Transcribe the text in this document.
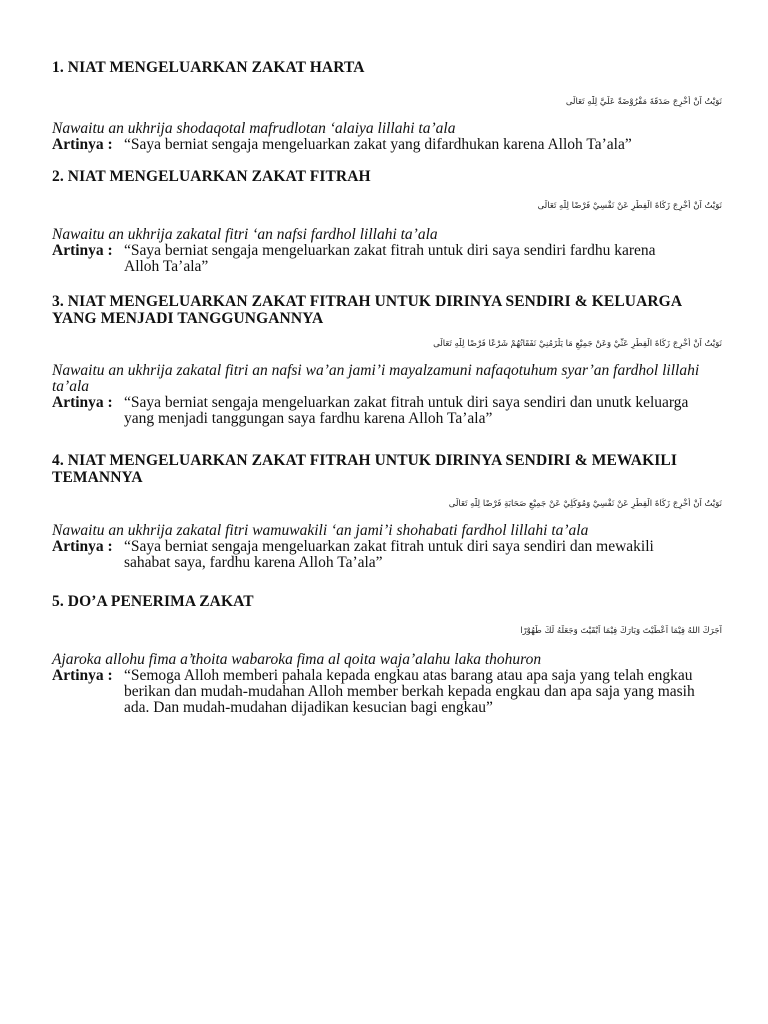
1. NIAT MENGELUARKAN ZAKAT HARTA

نَوَيْتُ اَنْ أُخْرِجَ صَدَقَةَ مَفْرُوْضَةً عَلَيَّ لِلّٰهِ تَعَالَى

Nawaitu an ukhrija shodaqotal mafrudlotan ‘alaiya lillahi ta’ala

Artinya : “Saya berniat sengaja mengeluarkan zakat yang difardhukan karena Alloh Ta’ala”

2. NIAT MENGELUARKAN ZAKAT FITRAH

نَوَيْتُ اَنْ أُخْرِجَ زَكَاةَ الْفِطْرِ عَنْ نَفْسِيْ فَرْضًا لِلّٰهِ تَعَالَى

Nawaitu an ukhrija zakatal fitri ‘an nafsi fardhol lillahi ta’ala

Artinya : “Saya berniat sengaja mengeluarkan zakat fitrah untuk diri saya sendiri fardhu karena Alloh Ta’ala”

3. NIAT MENGELUARKAN ZAKAT FITRAH UNTUK DIRINYA SENDIRI & KELUARGA YANG MENJADI TANGGUNGANNYA

نَوَيْتُ اَنْ أُخْرِجَ زَكَاةَ الْفِطْرِ عَنِّيْ وَعَنْ جَمِيْعِ مَا يَلْزَمُنِيْ نَفَقَاتُهُمْ شَرْعًا فَرْضًا لِلّٰهِ تَعَالَى

Nawaitu an ukhrija zakatal fitri an nafsi wa’an jami’i mayalzamuni nafaqotuhum syar’an fardhol lillahi ta’ala

Artinya : “Saya berniat sengaja mengeluarkan zakat fitrah untuk diri saya sendiri dan unutk keluarga yang menjadi tanggungan saya fardhu karena Alloh Ta’ala”

4. NIAT MENGELUARKAN ZAKAT FITRAH UNTUK DIRINYA SENDIRI & MEWAKILI TEMANNYA

نَوَيْتُ اَنْ أُخْرِجَ زَكَاةَ الْفِطْرِ عَنْ نَفْسِيْ وَمُوَكِّلِيْ عَنْ جَمِيْعِ صَحَابَةِ فَرْضًا لِلّٰهِ تَعَالَى

Nawaitu an ukhrija zakatal fitri wamuwakili ‘an jami’i shohabati fardhol lillahi ta’ala

Artinya : “Saya berniat sengaja mengeluarkan zakat fitrah untuk diri saya sendiri dan mewakili sahabat saya, fardhu karena Alloh Ta’ala”

5. DO’A PENERIMA ZAKAT

آجَرَكَ اللهُ فِيْمَا اَعْطَيْتَ وَبَارَكَ فِيْمَا اَبْقَيْتَ وَجَعَلَهُ لَكَ طَهُوْرًا

Ajaroka allohu fima a’thoita wabaroka fima al qoita waja’alahu laka thohuron

Artinya : “Semoga Alloh memberi pahala kepada engkau atas barang atau apa saja yang telah engkau berikan dan mudah-mudahan Alloh member berkah kepada engkau dan apa saja yang masih ada. Dan mudah-mudahan dijadikan kesucian bagi engkau”
